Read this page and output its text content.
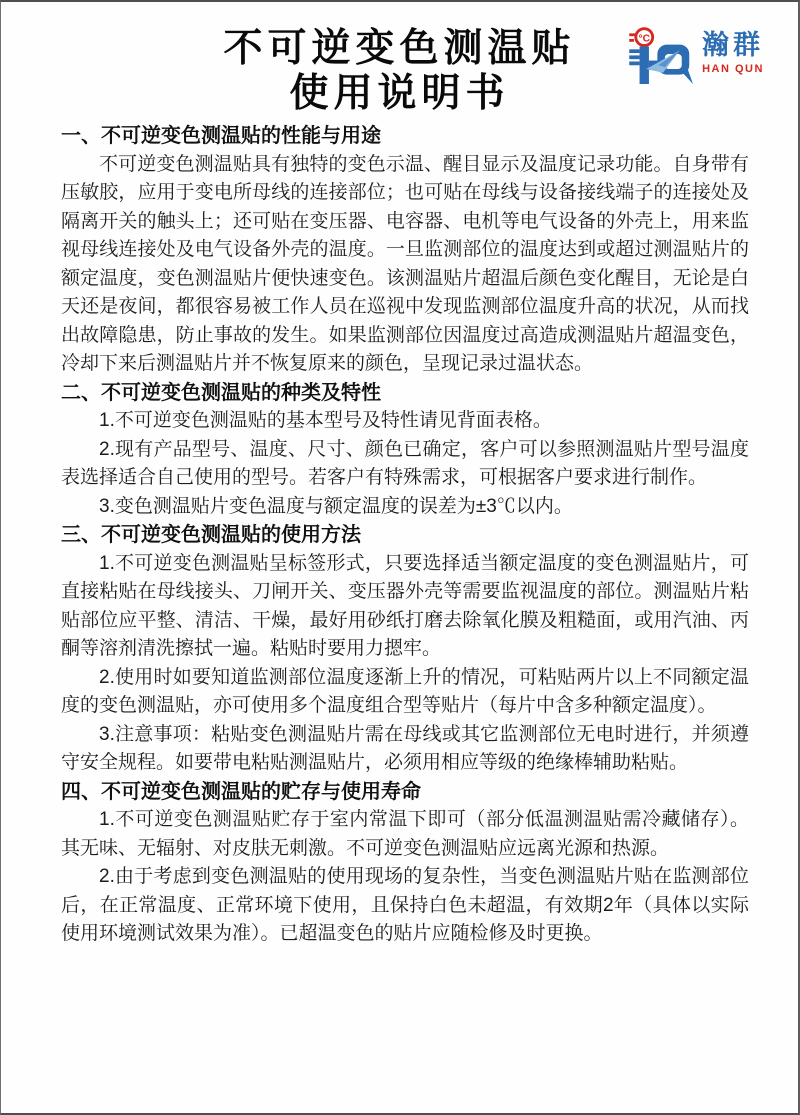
不可逆变色测温贴
使用说明书
°C 瀚群
HAN QUN
一、不可逆变色测温贴的性能与用途

不可逆变色测温贴具有独特的变色示温、醒目显示及温度记录功能。自身带有压敏胶，应用于变电所母线的连接部位；也可贴在母线与设备接线端子的连接处及隔离开关的触头上；还可贴在变压器、电容器、电机等电气设备的外壳上，用来监视母线连接处及电气设备外壳的温度。一旦监测部位的温度达到或超过测温贴片的额定温度，变色测温贴片便快速变色。该测温贴片超温后颜色变化醒目，无论是白天还是夜间，都很容易被工作人员在巡视中发现监测部位温度升高的状况，从而找出故障隐患，防止事故的发生。如果监测部位因温度过高造成测温贴片超温变色，冷却下来后测温贴片并不恢复原来的颜色，呈现记录过温状态。

二、不可逆变色测温贴的种类及特性

1.不可逆变色测温贴的基本型号及特性请见背面表格。

2.现有产品型号、温度、尺寸、颜色已确定，客户可以参照测温贴片型号温度表选择适合自己使用的型号。若客户有特殊需求，可根据客户要求进行制作。

3.变色测温贴片变色温度与额定温度的误差为±3℃以内。

三、不可逆变色测温贴的使用方法

1.不可逆变色测温贴呈标签形式，只要选择适当额定温度的变色测温贴片，可直接粘贴在母线接头、刀闸开关、变压器外壳等需要监视温度的部位。测温贴片粘贴部位应平整、清洁、干燥，最好用砂纸打磨去除氧化膜及粗糙面，或用汽油、丙酮等溶剂清洗擦拭一遍。粘贴时要用力摁牢。

2.使用时如要知道监测部位温度逐渐上升的情况，可粘贴两片以上不同额定温度的变色测温贴，亦可使用多个温度组合型等贴片（每片中含多种额定温度）。

3.注意事项：粘贴变色测温贴片需在母线或其它监测部位无电时进行，并须遵守安全规程。如要带电粘贴测温贴片，必须用相应等级的绝缘棒辅助粘贴。

四、不可逆变色测温贴的贮存与使用寿命

1.不可逆变色测温贴贮存于室内常温下即可（部分低温测温贴需冷藏储存）。其无味、无辐射、对皮肤无刺激。不可逆变色测温贴应远离光源和热源。

2.由于考虑到变色测温贴的使用现场的复杂性，当变色测温贴片贴在监测部位后，在正常温度、正常环境下使用，且保持白色未超温，有效期2年（具体以实际使用环境测试效果为准）。已超温变色的贴片应随检修及时更换。
